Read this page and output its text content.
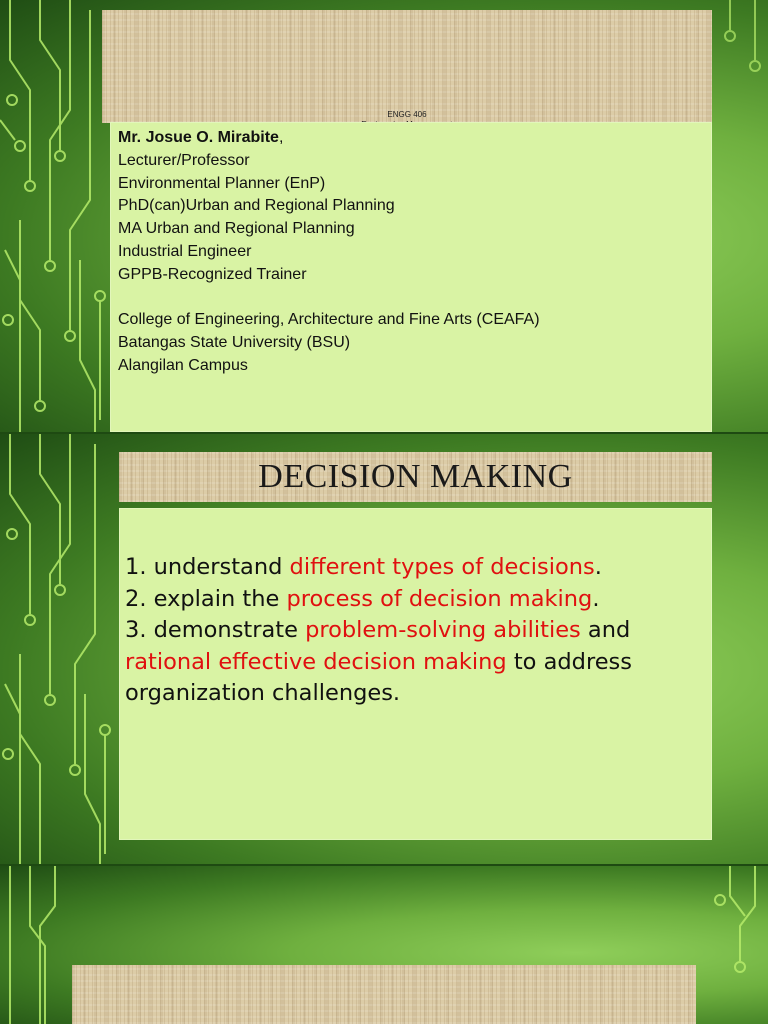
ENGG 406
Mr. Josue O. Mirabite,
Lecturer/Professor
Environmental Planner (EnP)
PhD(can)Urban and Regional Planning
MA Urban and Regional Planning
Industrial Engineer
GPPB-Recognized Trainer
College of Engineering, Architecture and Fine Arts (CEAFA)
Batangas State University (BSU)
Alangilan Campus
DECISION MAKING
1. understand different types of decisions.
2. explain the process of decision making.
3. demonstrate problem-solving abilities and rational effective decision making to address organization challenges.
